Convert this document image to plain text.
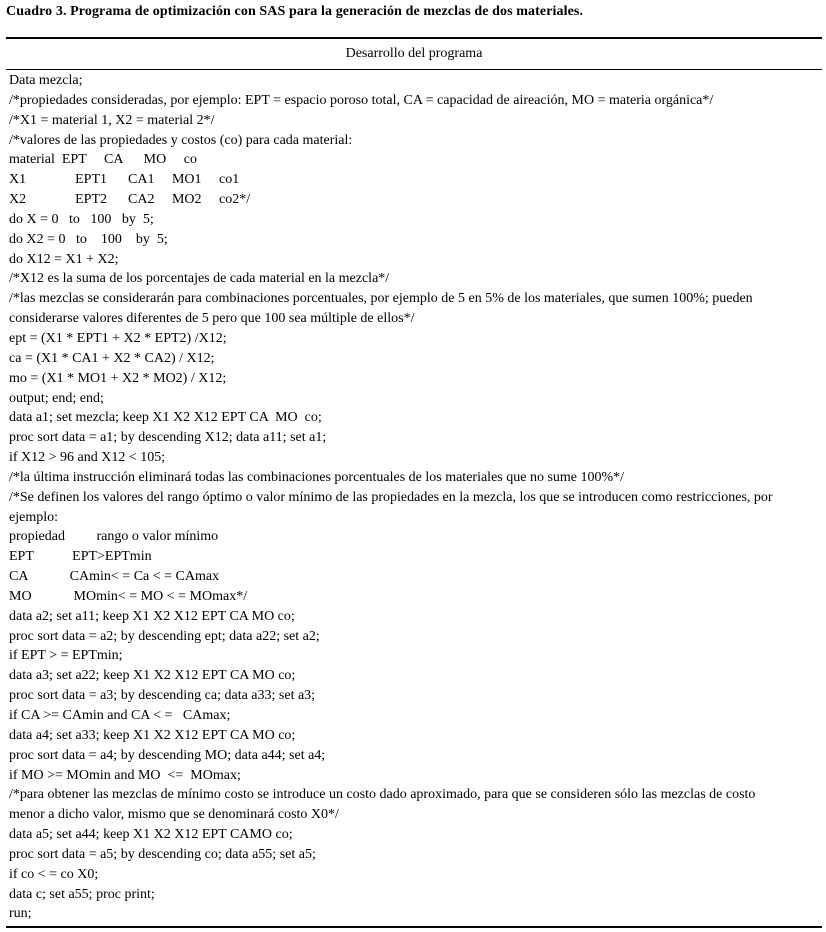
Cuadro 3. Programa de optimización con SAS para la generación de mezclas de dos materiales.
Desarrollo del programa
Data mezcla;
/*propiedades consideradas, por ejemplo: EPT = espacio poroso total, CA = capacidad de aireación, MO = materia orgánica*/
/*X1 = material 1, X2 = material 2*/
/*valores de las propiedades y costos (co) para cada material:
material  EPT     CA      MO     co
X1              EPT1      CA1     MO1     co1
X2              EPT2      CA2     MO2     co2*/
do X = 0   to   100   by  5;
do X2 = 0   to    100    by  5;
do X12 = X1 + X2;
/*X12 es la suma de los porcentajes de cada material en la mezcla*/
/*las mezclas se considerarán para combinaciones porcentuales, por ejemplo de 5 en 5% de los materiales, que sumen 100%; pueden
considerarse valores diferentes de 5 pero que 100 sea múltiple de ellos*/
ept = (X1 * EPT1 + X2 * EPT2) /X12;
ca = (X1 * CA1 + X2 * CA2) / X12;
mo = (X1 * MO1 + X2 * MO2) / X12;
output; end; end;
data a1; set mezcla; keep X1 X2 X12 EPT CA  MO  co;
proc sort data = a1; by descending X12; data a11; set a1;
if X12 > 96 and X12 < 105;
/*la última instrucción eliminará todas las combinaciones porcentuales de los materiales que no sume 100%*/
/*Se definen los valores del rango óptimo o valor mínimo de las propiedades en la mezcla, los que se introducen como restricciones, por
ejemplo:
propiedad         rango o valor mínimo
EPT           EPT>EPTmin
CA            CAmin< = Ca < = CAmax
MO            MOmin< = MO < = MOmax*/
data a2; set a11; keep X1 X2 X12 EPT CA MO co;
proc sort data = a2; by descending ept; data a22; set a2;
if EPT > = EPTmin;
data a3; set a22; keep X1 X2 X12 EPT CA MO co;
proc sort data = a3; by descending ca; data a33; set a3;
if CA >= CAmin and CA < =   CAmax;
data a4; set a33; keep X1 X2 X12 EPT CA MO co;
proc sort data = a4; by descending MO; data a44; set a4;
if MO >= MOmin and MO  <=  MOmax;
/*para obtener las mezclas de mínimo costo se introduce un costo dado aproximado, para que se consideren sólo las mezclas de costo
menor a dicho valor, mismo que se denominará costo X0*/
data a5; set a44; keep X1 X2 X12 EPT CAMO co;
proc sort data = a5; by descending co; data a55; set a5;
if co < = co X0;
data c; set a55; proc print;
run;
